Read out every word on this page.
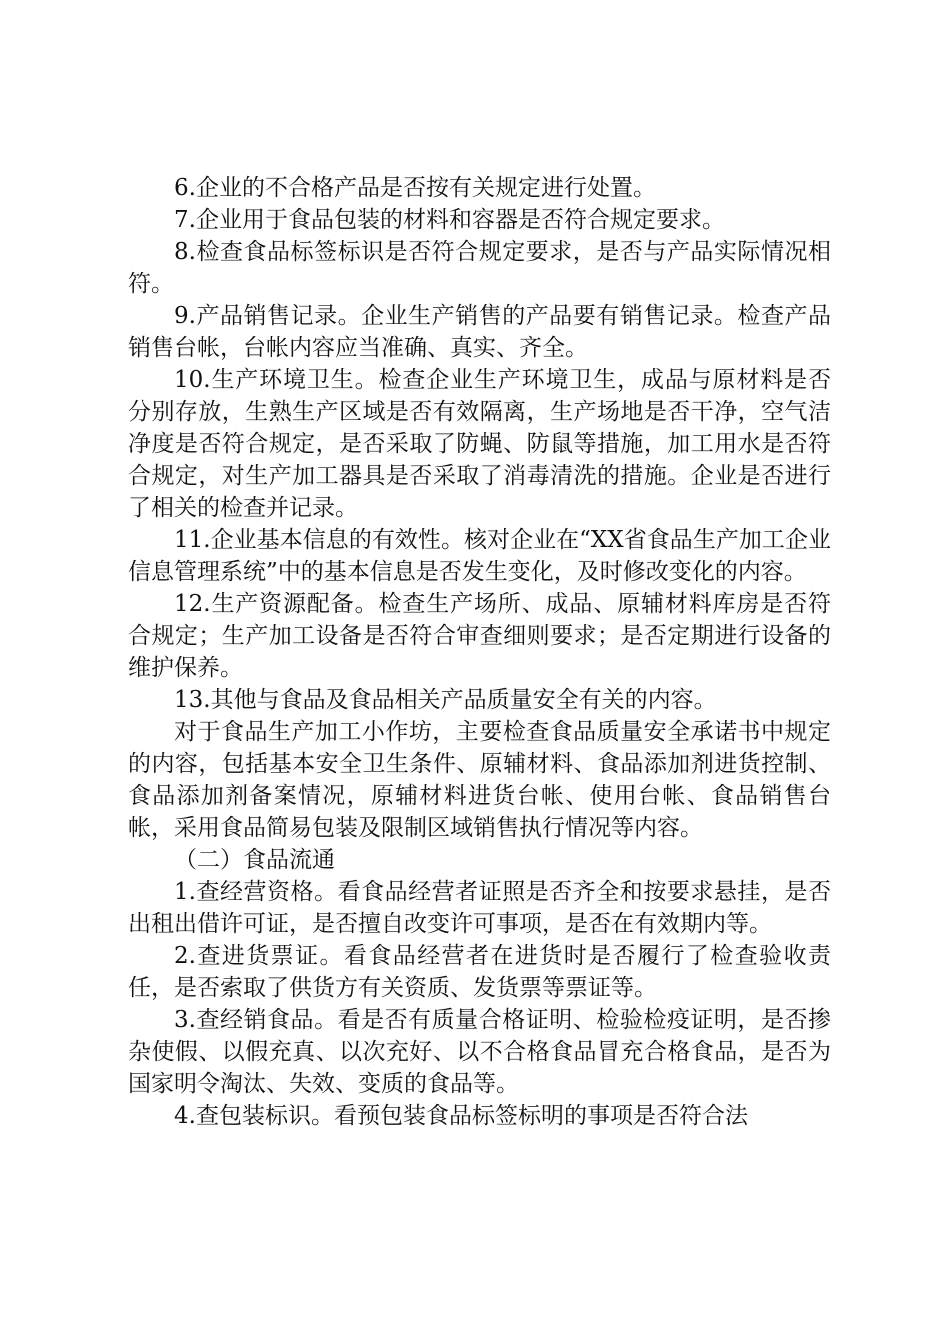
6.企业的不合格产品是否按有关规定进行处置。

7.企业用于食品包装的材料和容器是否符合规定要求。

8.检查食品标签标识是否符合规定要求，是否与产品实际情况相符。

9.产品销售记录。企业生产销售的产品要有销售记录。检查产品销售台帐，台帐内容应当准确、真实、齐全。

10.生产环境卫生。检查企业生产环境卫生，成品与原材料是否分别存放，生熟生产区域是否有效隔离，生产场地是否干净，空气洁净度是否符合规定，是否采取了防蝇、防鼠等措施，加工用水是否符合规定，对生产加工器具是否采取了消毒清洗的措施。企业是否进行了相关的检查并记录。

11.企业基本信息的有效性。核对企业在“XX省食品生产加工企业信息管理系统”中的基本信息是否发生变化，及时修改变化的内容。

12.生产资源配备。检查生产场所、成品、原辅材料库房是否符合规定；生产加工设备是否符合审查细则要求；是否定期进行设备的维护保养。

13.其他与食品及食品相关产品质量安全有关的内容。

对于食品生产加工小作坊，主要检查食品质量安全承诺书中规定的内容，包括基本安全卫生条件、原辅材料、食品添加剂进货控制、食品添加剂备案情况，原辅材料进货台帐、使用台帐、食品销售台帐，采用食品简易包装及限制区域销售执行情况等内容。

（二）食品流通

1.查经营资格。看食品经营者证照是否齐全和按要求悬挂，是否出租出借许可证，是否擅自改变许可事项，是否在有效期内等。

2.查进货票证。看食品经营者在进货时是否履行了检查验收责任，是否索取了供货方有关资质、发货票等票证等。

3.查经销食品。看是否有质量合格证明、检验检疫证明，是否掺杂使假、以假充真、以次充好、以不合格食品冒充合格食品，是否为国家明令淘汰、失效、变质的食品等。

4.查包装标识。看预包装食品标签标明的事项是否符合法
